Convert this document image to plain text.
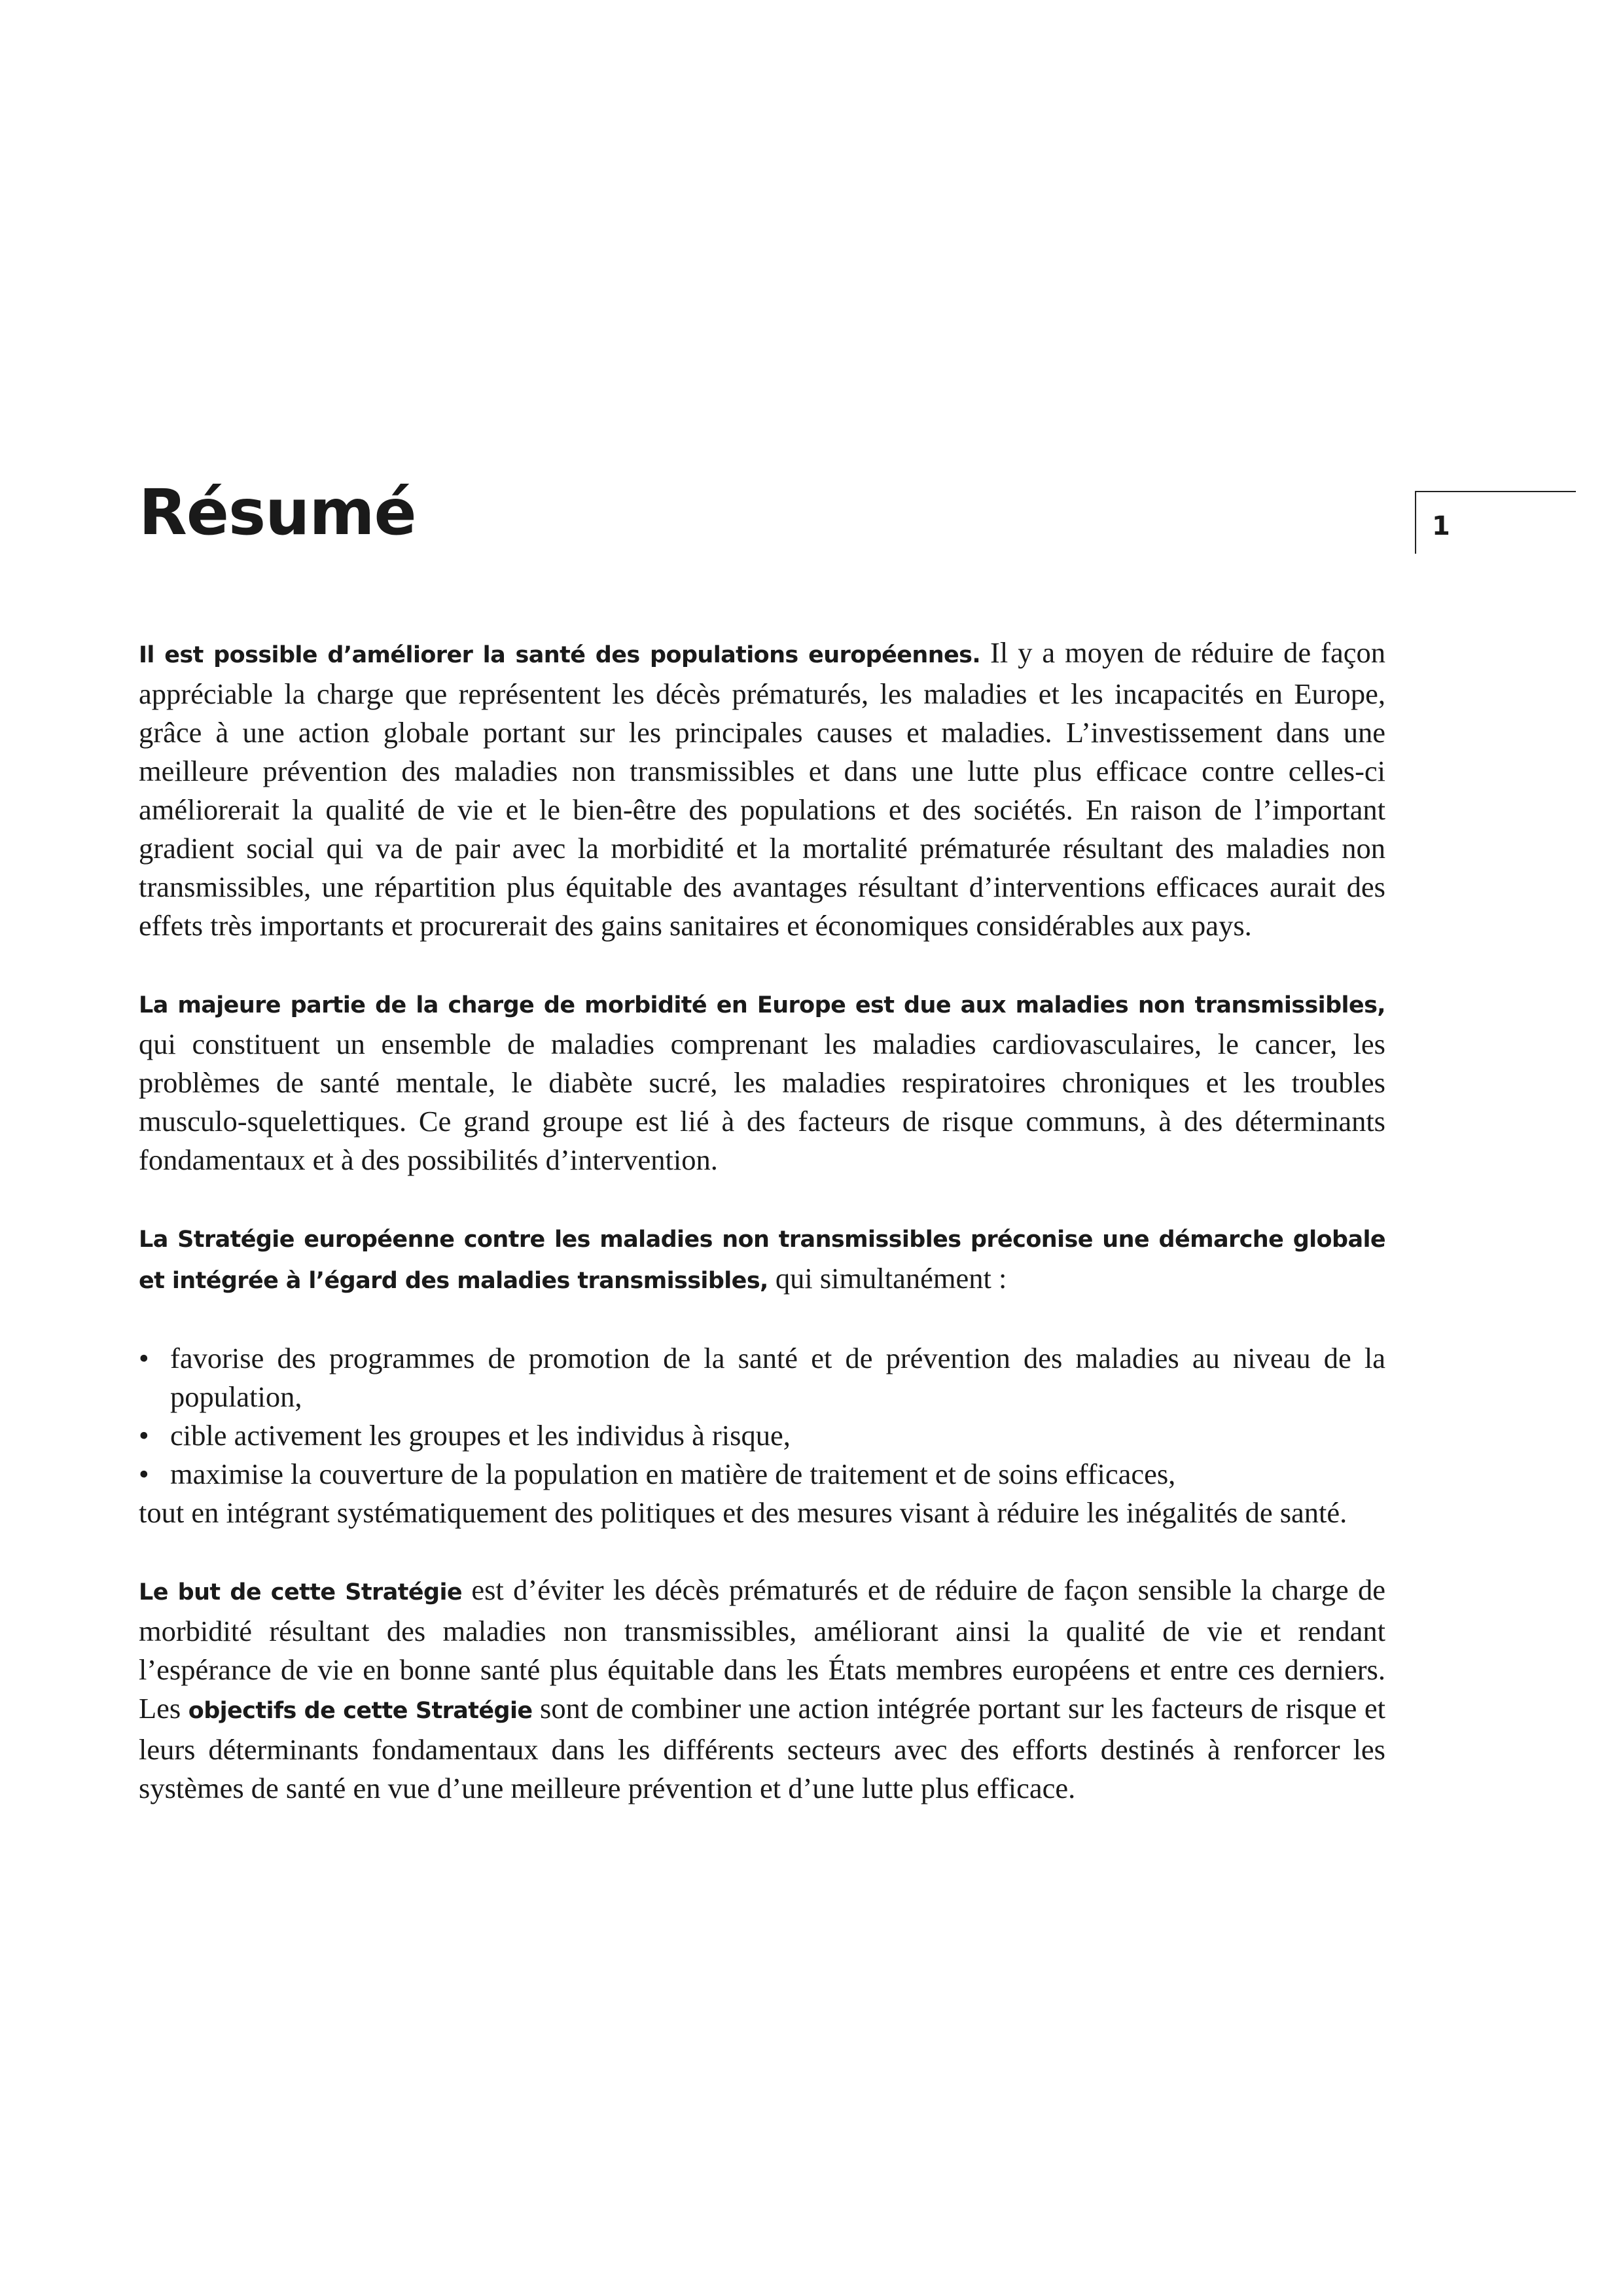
Résumé	1

Il est possible d’améliorer la santé des populations européennes. Il y a moyen de réduire de façon appréciable la charge que représentent les décès prématurés, les maladies et les incapacités en Europe, grâce à une action globale portant sur les principales causes et maladies. L’investissement dans une meilleure prévention des maladies non transmissibles et dans une lutte plus efficace contre celles-ci améliorerait la qualité de vie et le bien-être des populations et des sociétés. En raison de l’important gradient social qui va de pair avec la morbidité et la mortalité prématurée résultant des maladies non transmissibles, une répartition plus équitable des avantages résultant d’interventions efficaces aurait des effets très importants et procurerait des gains sanitaires et économiques considérables aux pays.

La majeure partie de la charge de morbidité en Europe est due aux maladies non transmissibles, qui constituent un ensemble de maladies comprenant les maladies cardiovasculaires, le cancer, les problèmes de santé mentale, le diabète sucré, les maladies respiratoires chroniques et les troubles musculo-squelettiques. Ce grand groupe est lié à des facteurs de risque communs, à des déterminants fondamentaux et à des possibilités d’intervention.

La Stratégie européenne contre les maladies non transmissibles préconise une démarche globale et intégrée à l’égard des maladies transmissibles, qui simultanément :

• favorise des programmes de promotion de la santé et de prévention des maladies au niveau de la population,
• cible activement les groupes et les individus à risque,
• maximise la couverture de la population en matière de traitement et de soins efficaces,
tout en intégrant systématiquement des politiques et des mesures visant à réduire les inégalités de santé.

Le but de cette Stratégie est d’éviter les décès prématurés et de réduire de façon sensible la charge de morbidité résultant des maladies non transmissibles, améliorant ainsi la qualité de vie et rendant l’espérance de vie en bonne santé plus équitable dans les États membres européens et entre ces derniers. Les objectifs de cette Stratégie sont de combiner une action intégrée portant sur les facteurs de risque et leurs déterminants fondamentaux dans les différents secteurs avec des efforts destinés à renforcer les systèmes de santé en vue d’une meilleure prévention et d’une lutte plus efficace.
